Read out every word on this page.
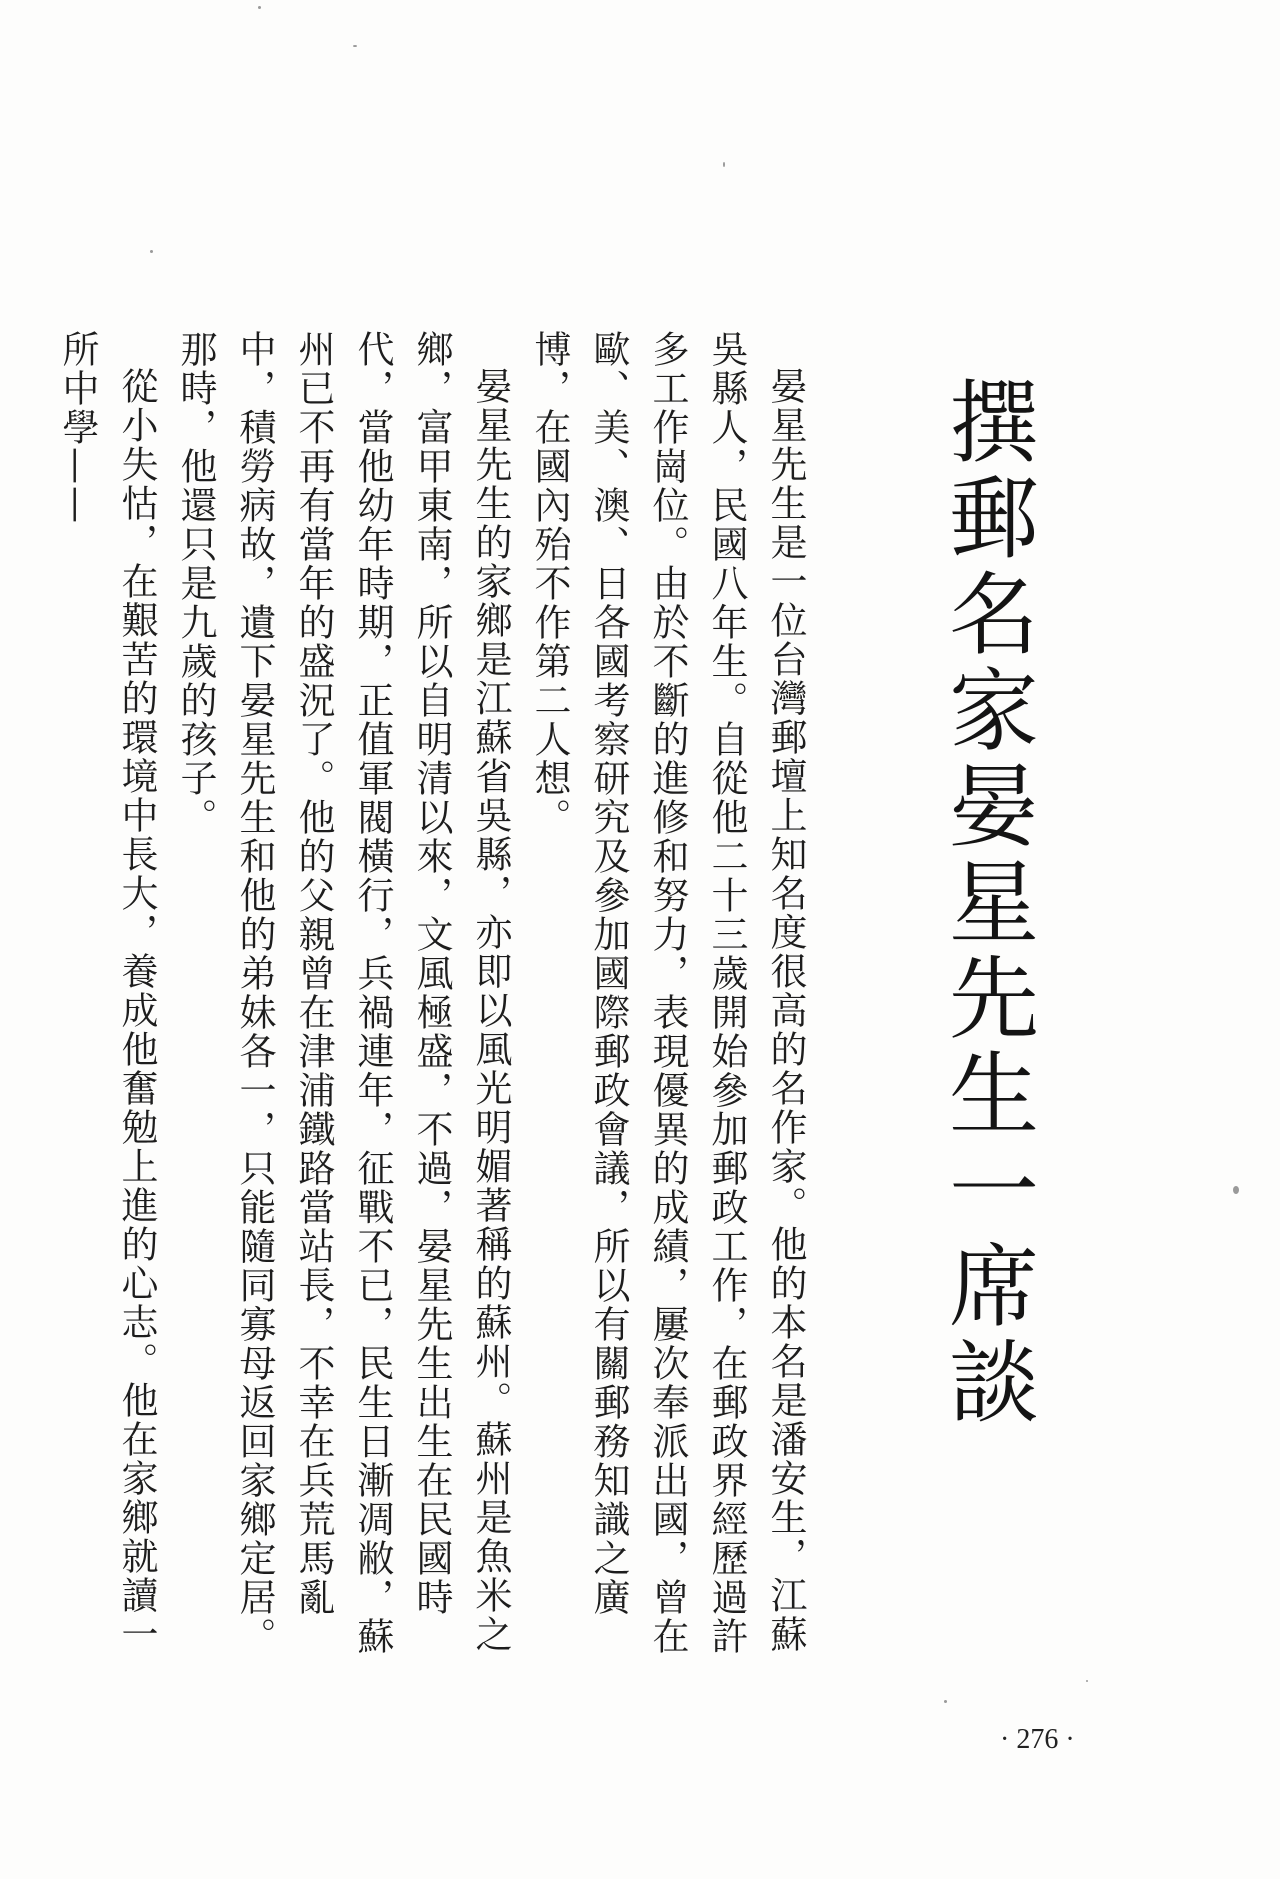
撰郵名家晏星先生一席談

晏星先生是一位台灣郵壇上知名度很高的名作家。他的本名是潘安生，江蘇吳縣人，民國八年生。自從他二十三歲開始參加郵政工作，在郵政界經歷過許多工作崗位。由於不斷的進修和努力，表現優異的成績，屢次奉派出國，曾在歐、美、澳、日各國考察研究及參加國際郵政會議，所以有關郵務知識之廣博，在國內殆不作第二人想。

晏星先生的家鄉是江蘇省吳縣，亦即以風光明媚著稱的蘇州。蘇州是魚米之鄉，富甲東南，所以自明清以來，文風極盛，不過，晏星先生出生在民國時代，當他幼年時期，正值軍閥橫行，兵禍連年，征戰不已，民生日漸凋敝，蘇州已不再有當年的盛況了。他的父親曾在津浦鐵路當站長，不幸在兵荒馬亂中，積勞病故，遺下晏星先生和他的弟妹各一，只能隨同寡母返回家鄉定居。那時，他還只是九歲的孩子。

從小失怙，在艱苦的環境中長大，養成他奮勉上進的心志。他在家鄉就讀一所中學——

· 276 ·
